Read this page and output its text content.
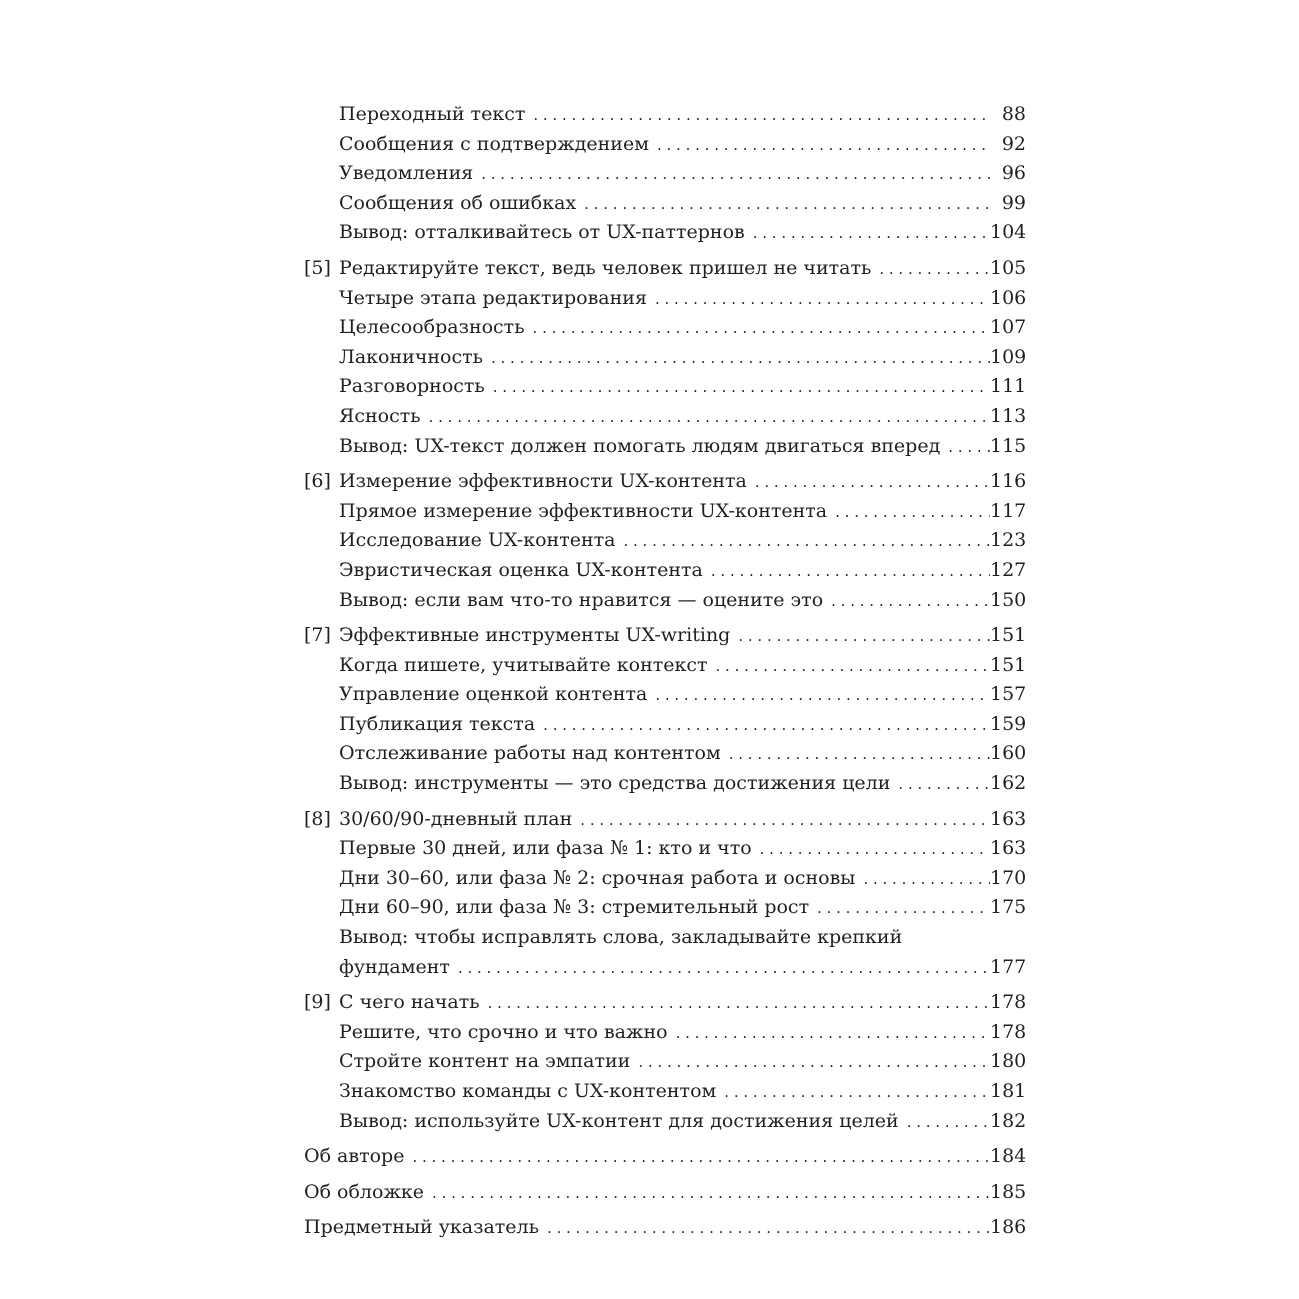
Переходный текст . . .	88
Сообщения с подтверждением . . .	92
Уведомления . . .	96
Сообщения об ошибках . . .	99
Вывод: отталкивайтесь от UX-паттернов . . .	104
[5] Редактируйте текст, ведь человек пришел не читать . . .	105
Четыре этапа редактирования . . .	106
Целесообразность . . .	107
Лаконичность . . .	109
Разговорность . . .	111
Ясность . . .	113
Вывод: UX-текст должен помогать людям двигаться вперед . . .	115
[6] Измерение эффективности UX-контента . . .	116
Прямое измерение эффективности UX-контента . . .	117
Исследование UX-контента . . .	123
Эвристическая оценка UX-контента . . .	127
Вывод: если вам что-то нравится — оцените это . . .	150
[7] Эффективные инструменты UX-writing . . .	151
Когда пишете, учитывайте контекст . . .	151
Управление оценкой контента . . .	157
Публикация текста . . .	159
Отслеживание работы над контентом . . .	160
Вывод: инструменты — это средства достижения цели . . .	162
[8] 30/60/90-дневный план . . .	163
Первые 30 дней, или фаза № 1: кто и что . . .	163
Дни 30–60, или фаза № 2: срочная работа и основы . . .	170
Дни 60–90, или фаза № 3: стремительный рост . . .	175
Вывод: чтобы исправлять слова, закладывайте крепкий
фундамент . . .	177
[9] С чего начать . . .	178
Решите, что срочно и что важно . . .	178
Стройте контент на эмпатии . . .	180
Знакомство команды с UX-контентом . . .	181
Вывод: используйте UX-контент для достижения целей . . .	182
Об авторе . . .	184
Об обложке . . .	185
Предметный указатель . . .	186
